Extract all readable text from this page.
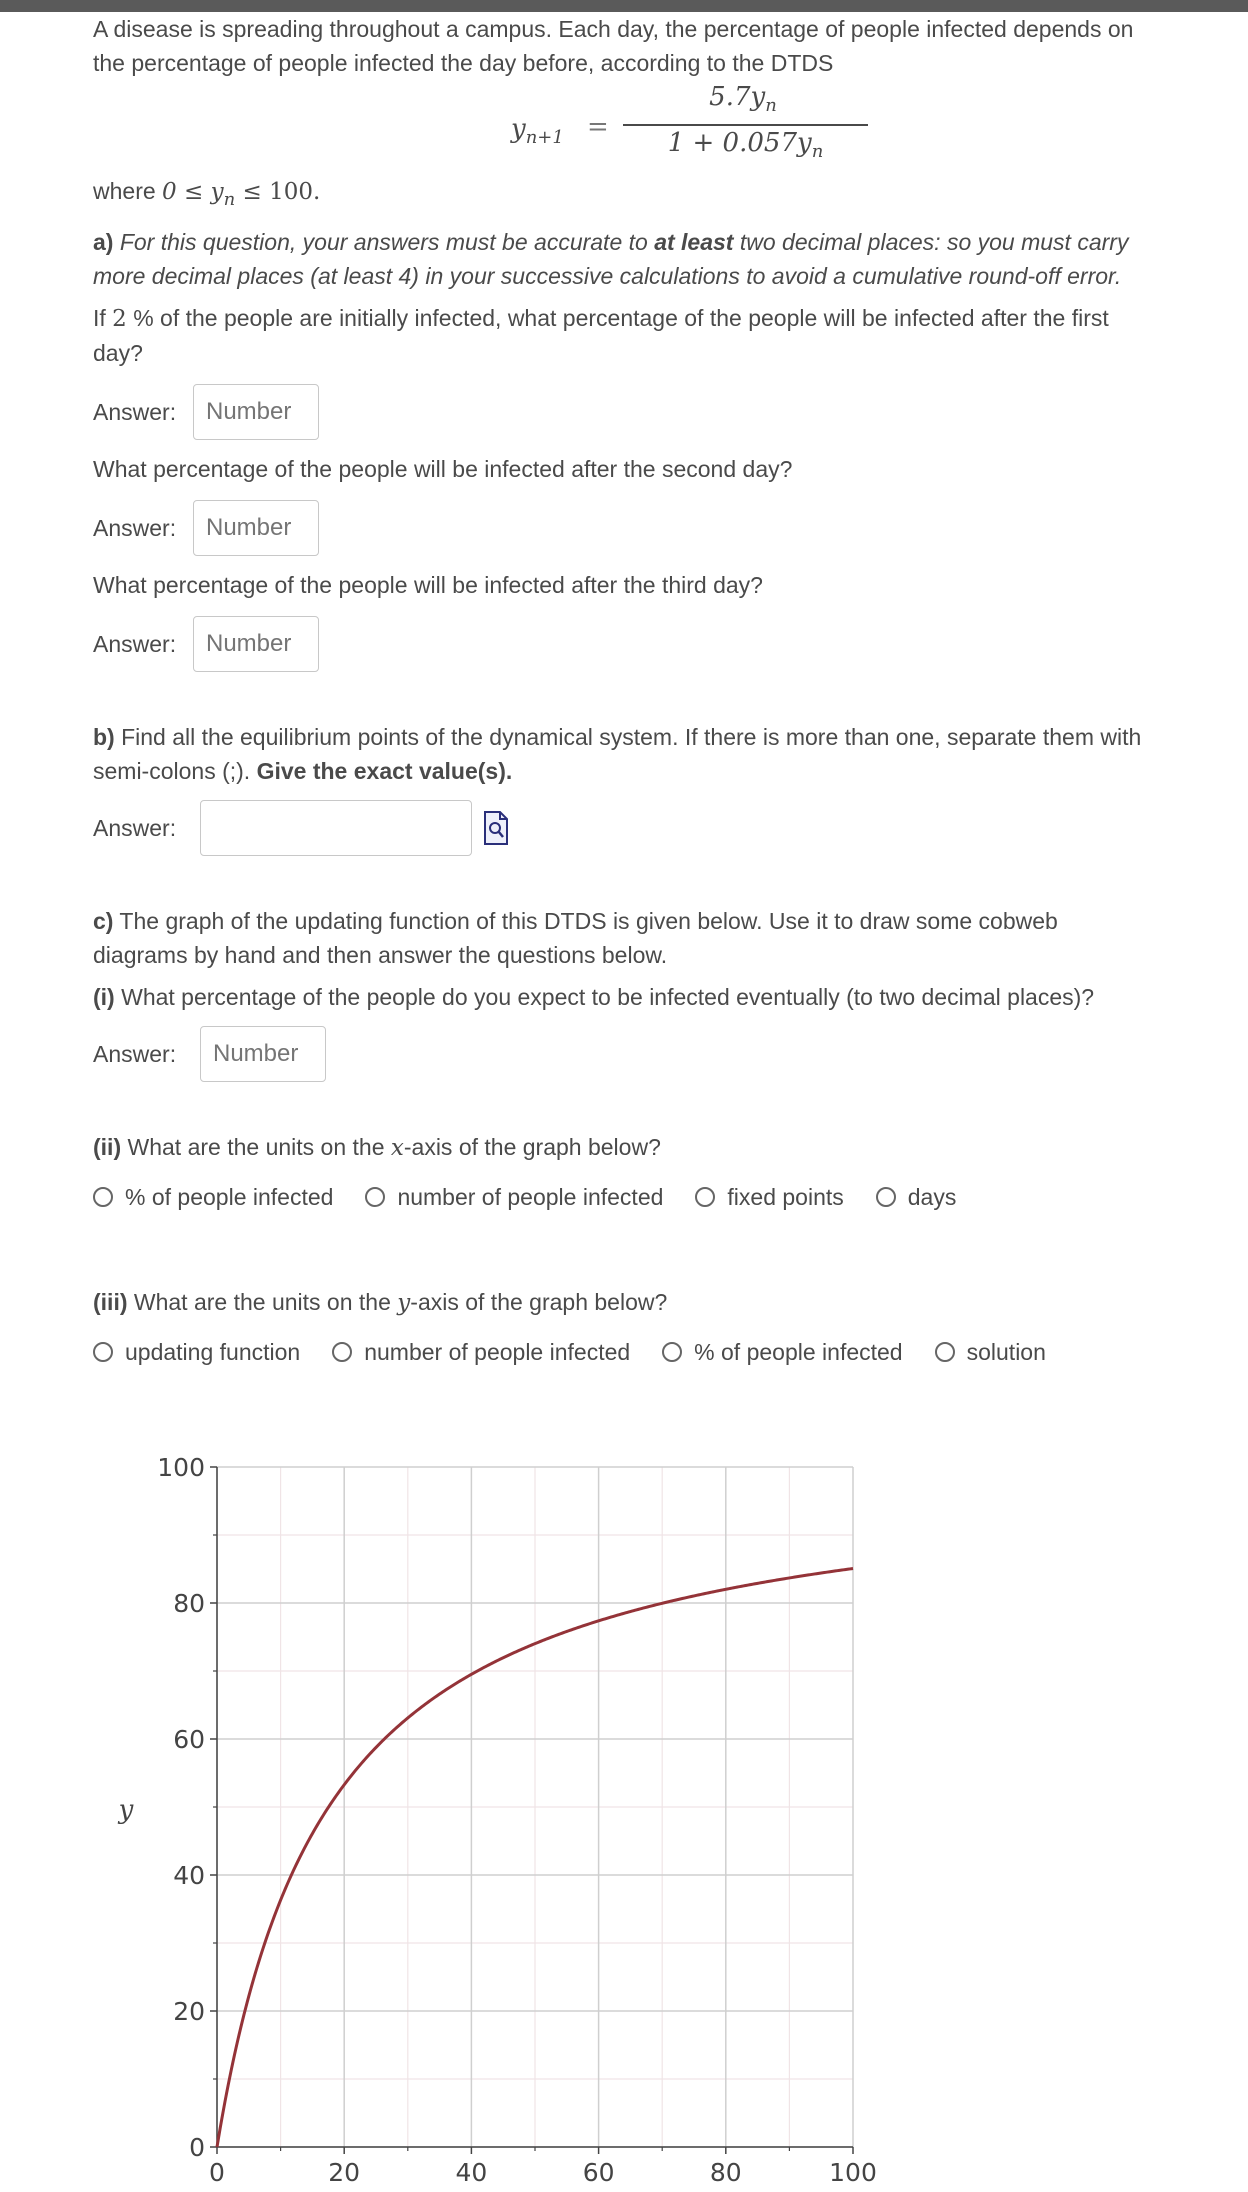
A disease is spreading throughout a campus. Each day, the percentage of people infected depends on

the percentage of people infected the day before, according to the DTDS

$y_{n+1}$ =
$5.7y_n$
$1 + 0.057y_n$

where $0 \le y_n \le 100$.

a) For this question, your answers must be accurate to at least two decimal places: so you must carry

more decimal places (at least 4) in your successive calculations to avoid a cumulative round-off error.

If 2 % of the people are initially infected, what percentage of the people will be infected after the first

day?

Answer:
Number

What percentage of the people will be infected after the second day?

Answer:
Number

What percentage of the people will be infected after the third day?

Answer:
Number

b) Find all the equilibrium points of the dynamical system. If there is more than one, separate them with

semi-colons (;). Give the exact value(s).

Answer:

c) The graph of the updating function of this DTDS is given below. Use it to draw some cobweb

diagrams by hand and then answer the questions below.

(i) What percentage of the people do you expect to be infected eventually (to two decimal places)?

Answer:
Number

(ii) What are the units on the x-axis of the graph below?

% of people infected	number of people infected	fixed points	days

(iii) What are the units on the y-axis of the graph below?

updating function	number of people infected	% of people infected	solution
0
20
40
60
80
100
0	20	40	60	80	100
y
